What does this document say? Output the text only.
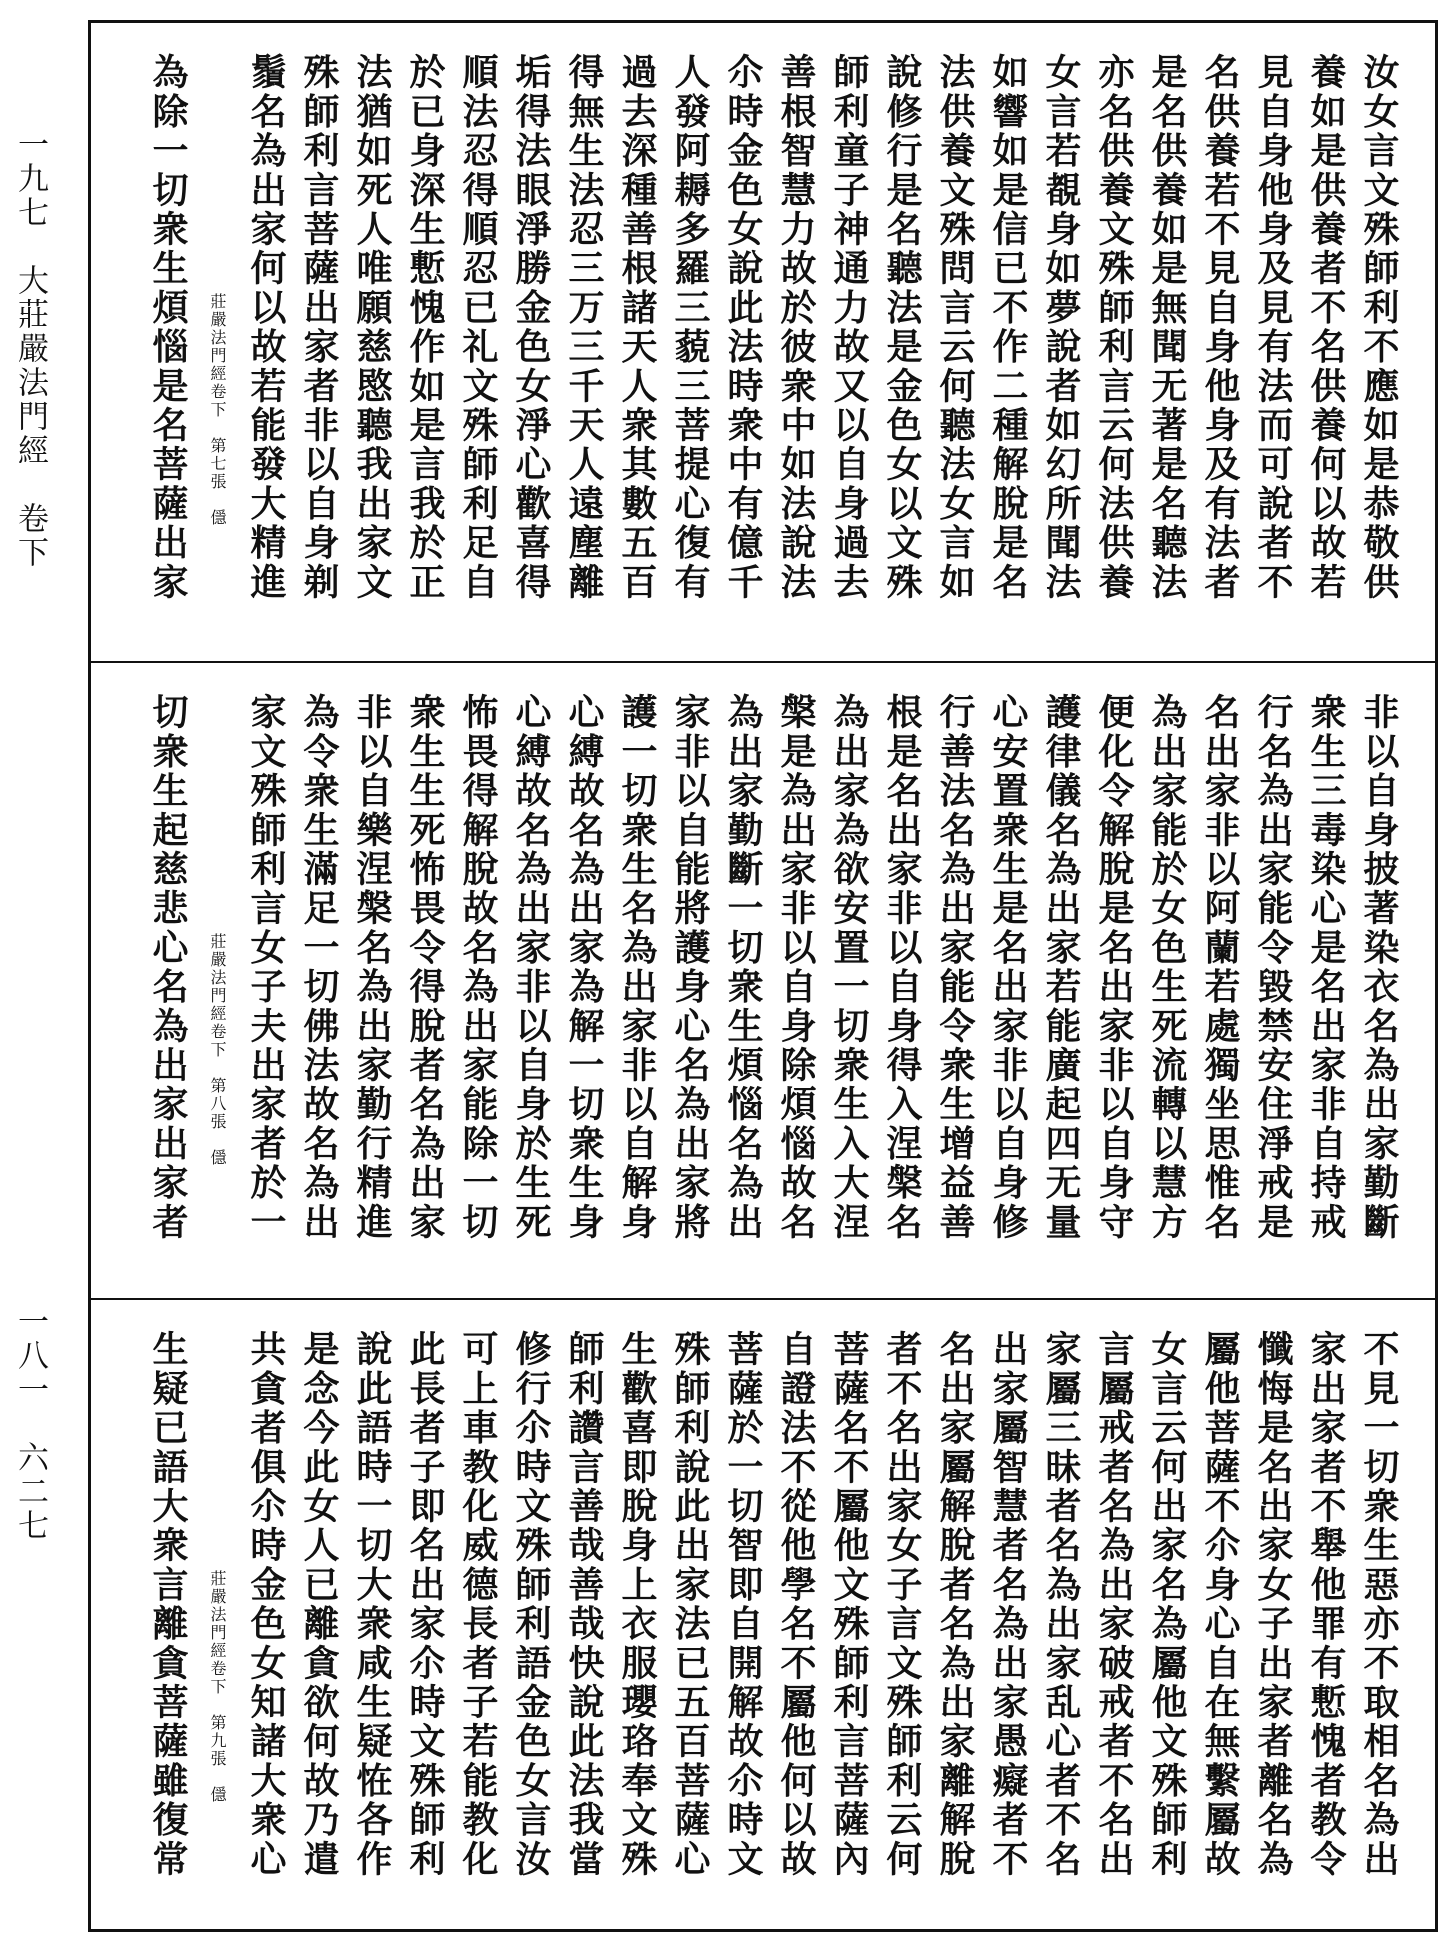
一九七　大莊嚴法門經　卷下
一八一　六二七
汝女言文殊師利不應如是恭敬供
養如是供養者不名供養何以故若
見自身他身及見有法而可說者不
名供養若不見自身他身及有法者
是名供養如是無聞无著是名聽法
亦名供養文殊師利言云何法供養
女言若覩身如夢說者如幻所聞法
如響如是信已不作二種解脫是名
法供養文殊問言云何聽法女言如
說修行是名聽法是金色女以文殊
師利童子神通力故又以自身過去
善根智慧力故於彼衆中如法說法
尒時金色女說此法時衆中有億千
人發阿耨多羅三藐三菩提心復有
過去深種善根諸天人衆其數五百
得無生法忍三万三千天人遠塵離
垢得法眼淨勝金色女淨心歡喜得
順法忍得順忍已礼文殊師利足自
於已身深生慙愧作如是言我於正
法猶如死人唯願慈愍聽我出家文
殊師利言菩薩出家者非以自身剃
鬚名為出家何以故若能發大精進
莊嚴法門經卷下　第七張　㒚
為除一切衆生煩惱是名菩薩出家
非以自身披著染衣名為出家勤斷
衆生三毒染心是名出家非自持戒
行名為出家能令毀禁安住淨戒是
名出家非以阿蘭若處獨坐思惟名
為出家能於女色生死流轉以慧方
便化令解脫是名出家非以自身守
護律儀名為出家若能廣起四无量
心安置衆生是名出家非以自身修
行善法名為出家能令衆生增益善
根是名出家非以自身得入涅槃名
為出家為欲安置一切衆生入大涅
槃是為出家非以自身除煩惱故名
為出家勤斷一切衆生煩惱名為出
家非以自能將護身心名為出家將
護一切衆生名為出家非以自解身
心縛故名為出家為解一切衆生身
心縛故名為出家非以自身於生死
怖畏得解脫故名為出家能除一切
衆生生死怖畏令得脫者名為出家
非以自樂涅槃名為出家勤行精進
為令衆生滿足一切佛法故名為出
家文殊師利言女子夫出家者於一
莊嚴法門經卷下　第八張　㒚
切衆生起慈悲心名為出家出家者
不見一切衆生惡亦不取相名為出
家出家者不舉他罪有慙愧者教令
懺悔是名出家女子出家者離名為
屬他菩薩不尒身心自在無繫屬故
女言云何出家名為屬他文殊師利
言屬戒者名為出家破戒者不名出
家屬三昧者名為出家乱心者不名
出家屬智慧者名為出家愚癡者不
名出家屬解脫者名為出家離解脫
者不名出家女子言文殊師利云何
菩薩名不屬他文殊師利言菩薩內
自證法不從他學名不屬他何以故
菩薩於一切智即自開解故尒時文
殊師利說此出家法已五百菩薩心
生歡喜即脫身上衣服瓔珞奉文殊
師利讚言善哉善哉快說此法我當
修行尒時文殊師利語金色女言汝
可上車教化威德長者子若能教化
此長者子即名出家尒時文殊師利
說此語時一切大衆咸生疑恠各作
是念今此女人已離貪欲何故乃遣
共貪者俱尒時金色女知諸大衆心
莊嚴法門經卷下　第九張　㒚
生疑已語大衆言離貪菩薩雖復常
